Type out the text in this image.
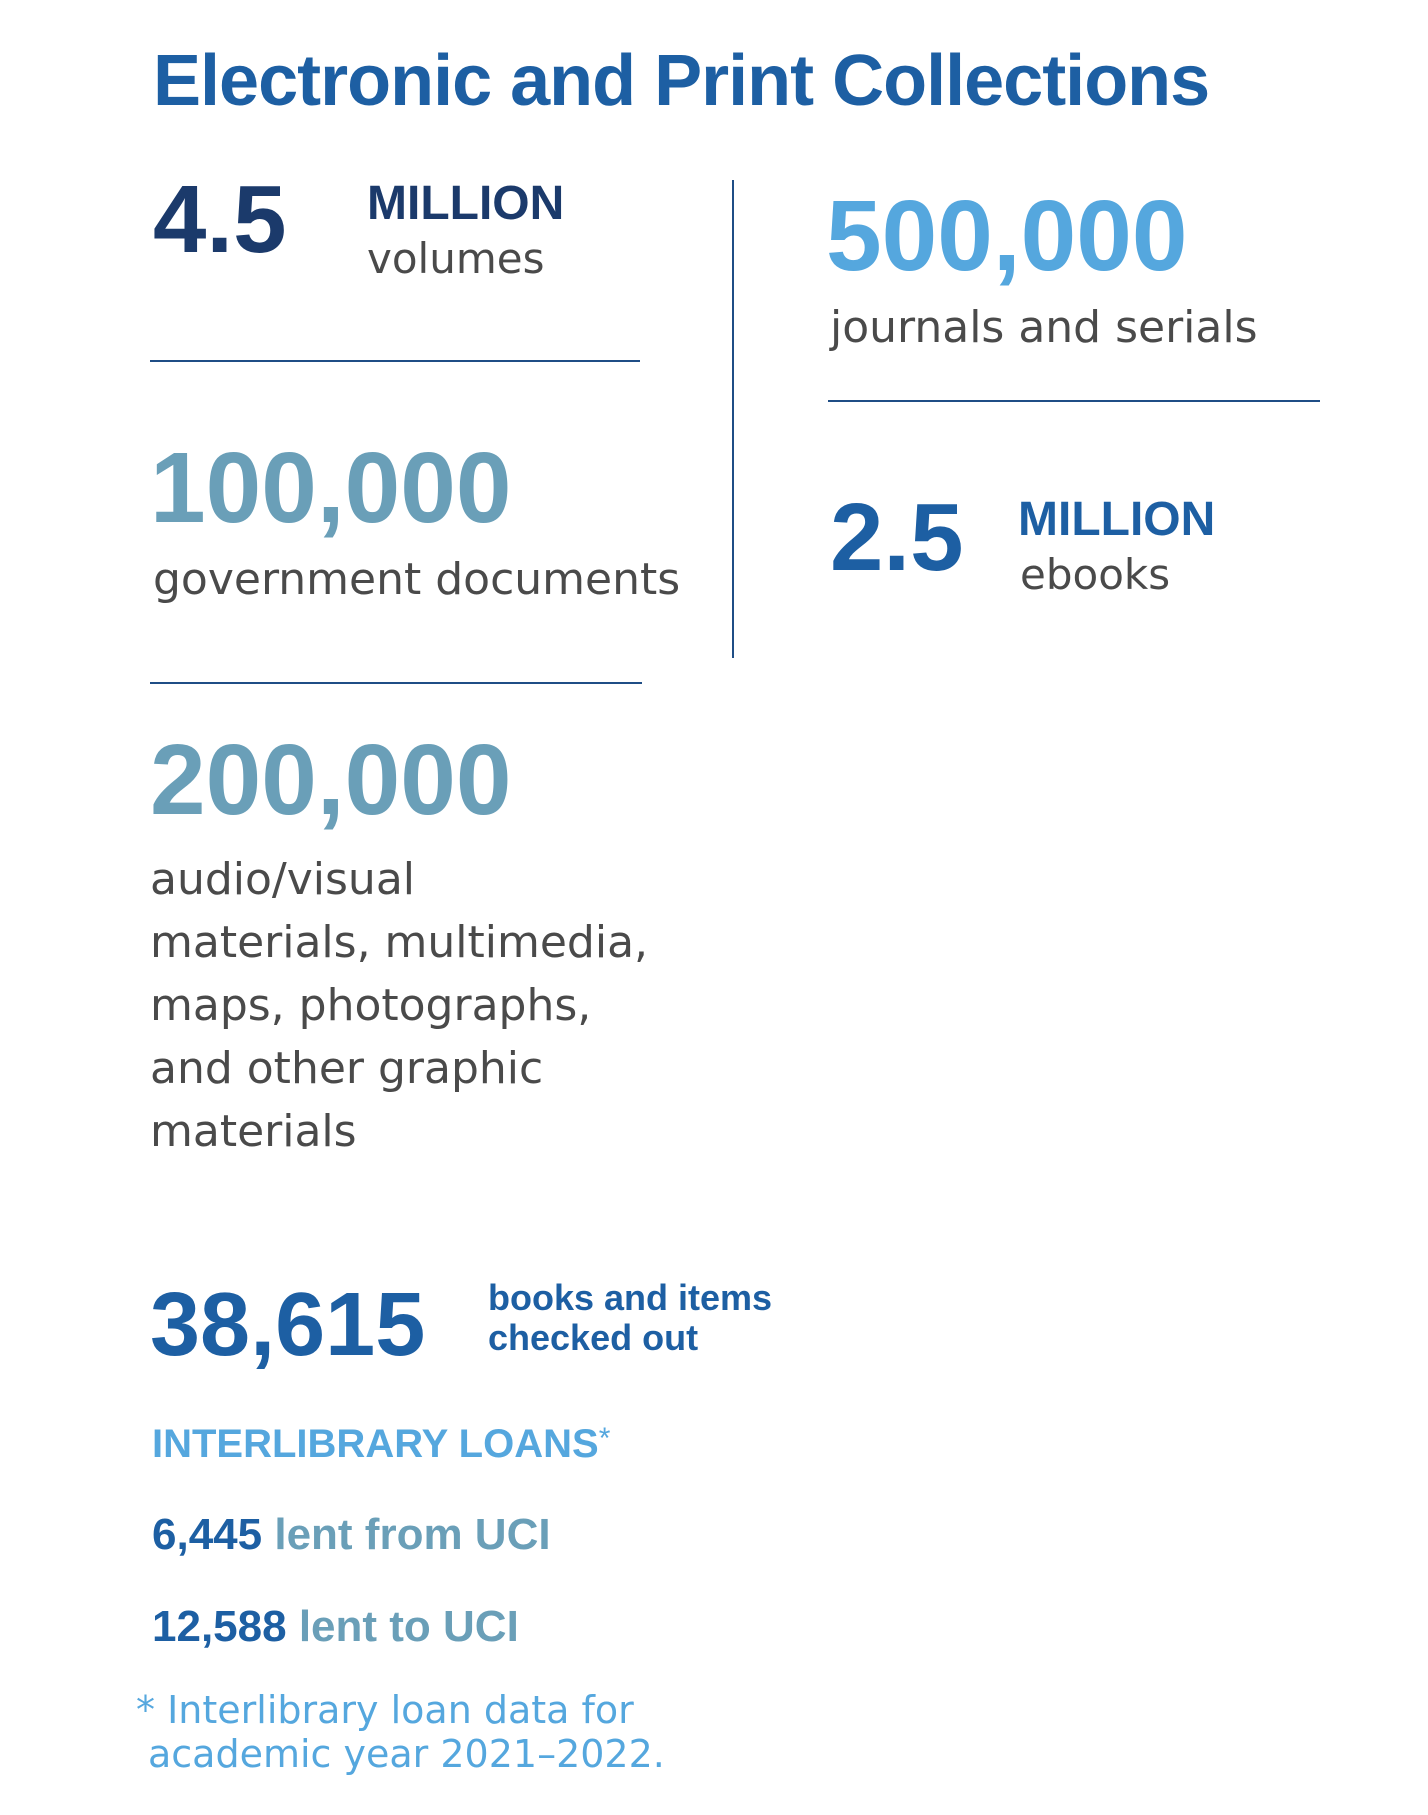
Electronic and Print Collections
4.5 MILLION
volumes	500,000
journals and serials
100,000
government documents 2.5 MILLION
ebooks
200,000
audio/visual
materials, multimedia,
maps, photographs,
and other graphic
materials
38,615 books and items
checked out
INTERLIBRARY LOANS*
6,445 lent from UCI
12,588 lent to UCI
* Interlibrary loan data for
academic year 2021–2022.
